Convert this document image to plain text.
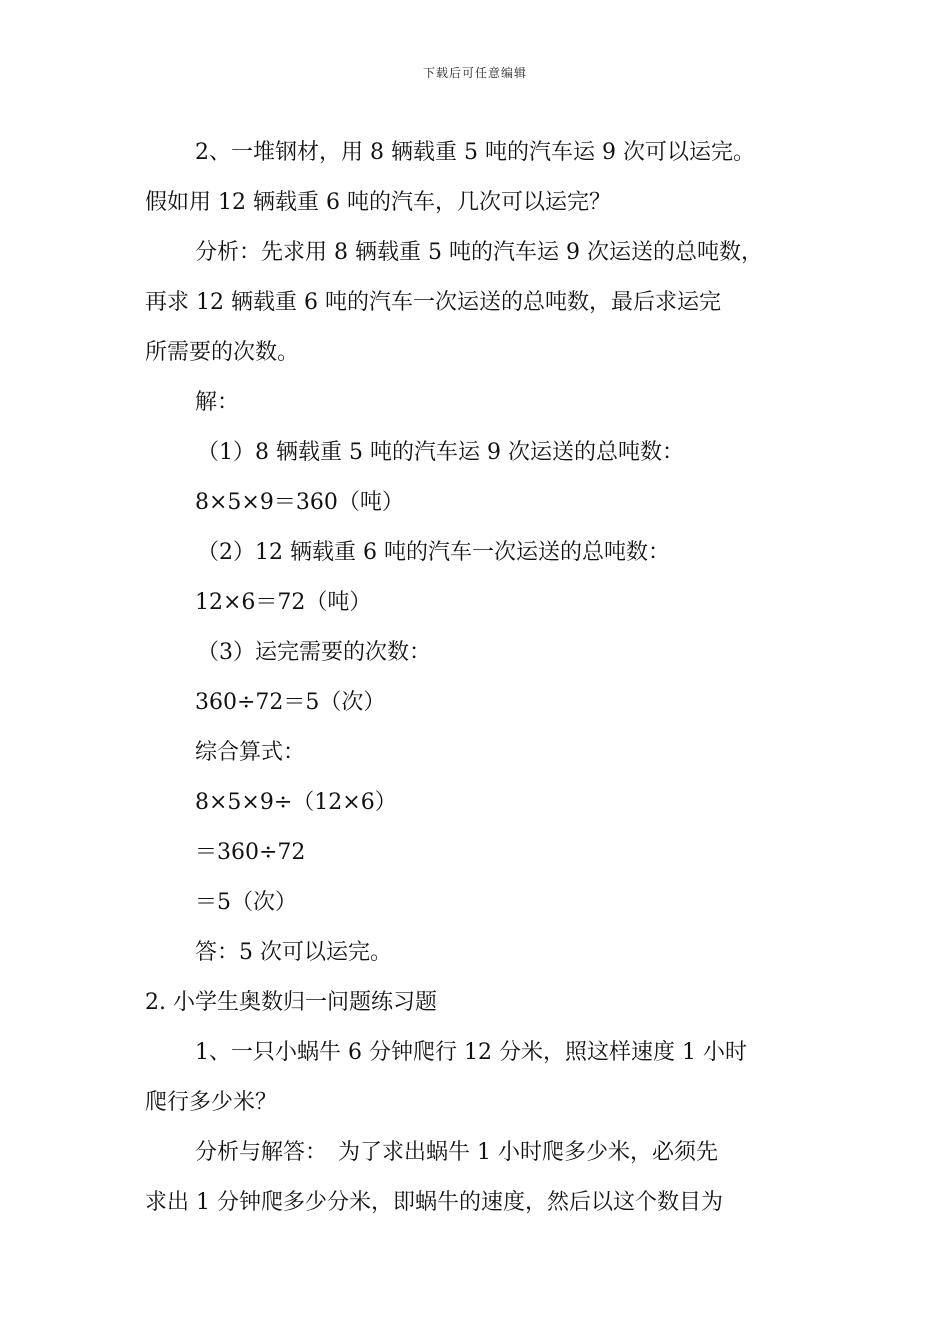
下载后可任意编辑
2、一堆钢材，用 8 辆载重 5 吨的汽车运 9 次可以运完。
假如用 12 辆载重 6 吨的汽车，几次可以运完？
分析：先求用 8 辆载重 5 吨的汽车运 9 次运送的总吨数，
再求 12 辆载重 6 吨的汽车一次运送的总吨数，最后求运完
所需要的次数。
解：
（1）8 辆载重 5 吨的汽车运 9 次运送的总吨数：
8×5×9＝360（吨）
（2）12 辆载重 6 吨的汽车一次运送的总吨数：
12×6＝72（吨）
（3）运完需要的次数：
360÷72＝5（次）
综合算式：
8×5×9÷（12×6）
＝360÷72
＝5（次）
答：5 次可以运完。
2. 小学生奥数归一问题练习题
1、一只小蜗牛 6 分钟爬行 12 分米，照这样速度 1 小时
爬行多少米？
分析与解答：　为了求出蜗牛 1 小时爬多少米，必须先
求出 1 分钟爬多少分米，即蜗牛的速度，然后以这个数目为
